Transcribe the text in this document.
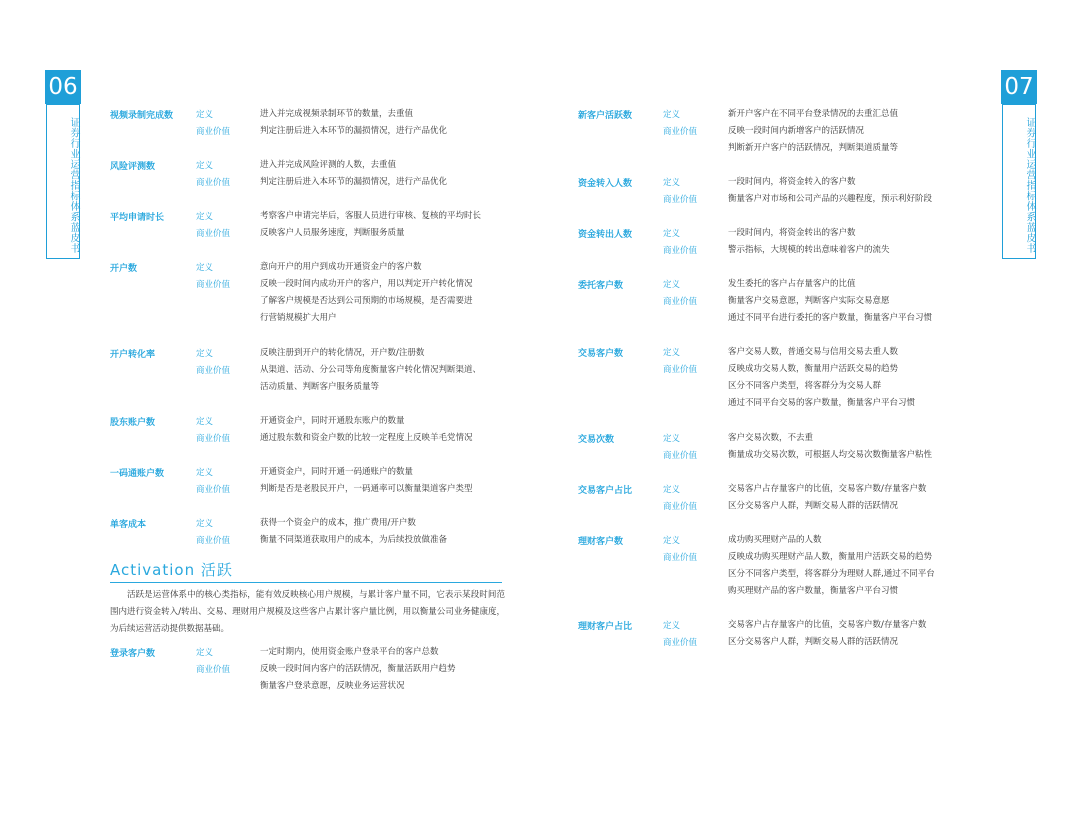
06
证券行业运营指标体系蓝皮书
07
证券行业运营指标体系蓝皮书
视频录制完成数	定义	进入并完成视频录制环节的数量，去重值
商业价值	判定注册后进入本环节的漏损情况，进行产品优化
风险评测数	定义	进入并完成风险评测的人数，去重值
商业价值	判定注册后进入本环节的漏损情况，进行产品优化
平均申请时长	定义	考察客户申请完毕后，客服人员进行审核、复核的平均时长
商业价值	反映客户人员服务速度，判断服务质量
开户数	定义	意向开户的用户到成功开通资金户的客户数
商业价值	反映一段时间内成功开户的客户，用以判定开户转化情况
了解客户规模是否达到公司预期的市场规模，是否需要进
行营销规模扩大用户
开户转化率	定义	反映注册到开户的转化情况，开户数/注册数
商业价值	从渠道、活动、分公司等角度衡量客户转化情况判断渠道、
活动质量、判断客户服务质量等
股东账户数	定义	开通资金户，同时开通股东账户的数量
商业价值	通过股东数和资金户数的比较一定程度上反映羊毛党情况
一码通账户数	定义	开通资金户，同时开通一码通账户的数量
商业价值	判断是否是老股民开户，一码通率可以衡量渠道客户类型
单客成本	定义	获得一个资金户的成本，推广费用/开户数
商业价值	衡量不同渠道获取用户的成本，为后续投放做准备
Activation 活跃
活跃是运营体系中的核心类指标，能有效反映核心用户规模，与累计客户量不同，它表示某段时间范围内进行资金转入/转出、交易、理财用户规模及这些客户占累计客户量比例，用以衡量公司业务健康度，为后续运营活动提供数据基础。
登录客户数	定义	一定时期内，使用资金账户登录平台的客户总数
商业价值	反映一段时间内客户的活跃情况，衡量活跃用户趋势
衡量客户登录意愿，反映业务运营状况
新客户活跃数	定义	新开户客户在不同平台登录情况的去重汇总值
商业价值	反映一段时间内新增客户的活跃情况
判断新开户客户的活跃情况，判断渠道质量等
资金转入人数	定义	一段时间内，将资金转入的客户数
商业价值	衡量客户对市场和公司产品的兴趣程度，预示利好阶段
资金转出人数	定义	一段时间内，将资金转出的客户数
商业价值	警示指标，大规模的转出意味着客户的流失
委托客户数	定义	发生委托的客户占存量客户的比值
商业价值	衡量客户交易意愿，判断客户实际交易意愿
通过不同平台进行委托的客户数量，衡量客户平台习惯
交易客户数	定义	客户交易人数，普通交易与信用交易去重人数
商业价值	反映成功交易人数，衡量用户活跃交易的趋势
区分不同客户类型，将客群分为交易人群
通过不同平台交易的客户数量，衡量客户平台习惯
交易次数	定义	客户交易次数，不去重
商业价值	衡量成功交易次数，可根据人均交易次数衡量客户粘性
交易客户占比	定义	交易客户占存量客户的比值，交易客户数/存量客户数
商业价值	区分交易客户人群，判断交易人群的活跃情况
理财客户数	定义	成功购买理财产品的人数
商业价值	反映成功购买理财产品人数，衡量用户活跃交易的趋势
区分不同客户类型，将客群分为理财人群,通过不同平台
购买理财产品的客户数量，衡量客户平台习惯
理财客户占比	定义	交易客户占存量客户的比值，交易客户数/存量客户数
商业价值	区分交易客户人群，判断交易人群的活跃情况
